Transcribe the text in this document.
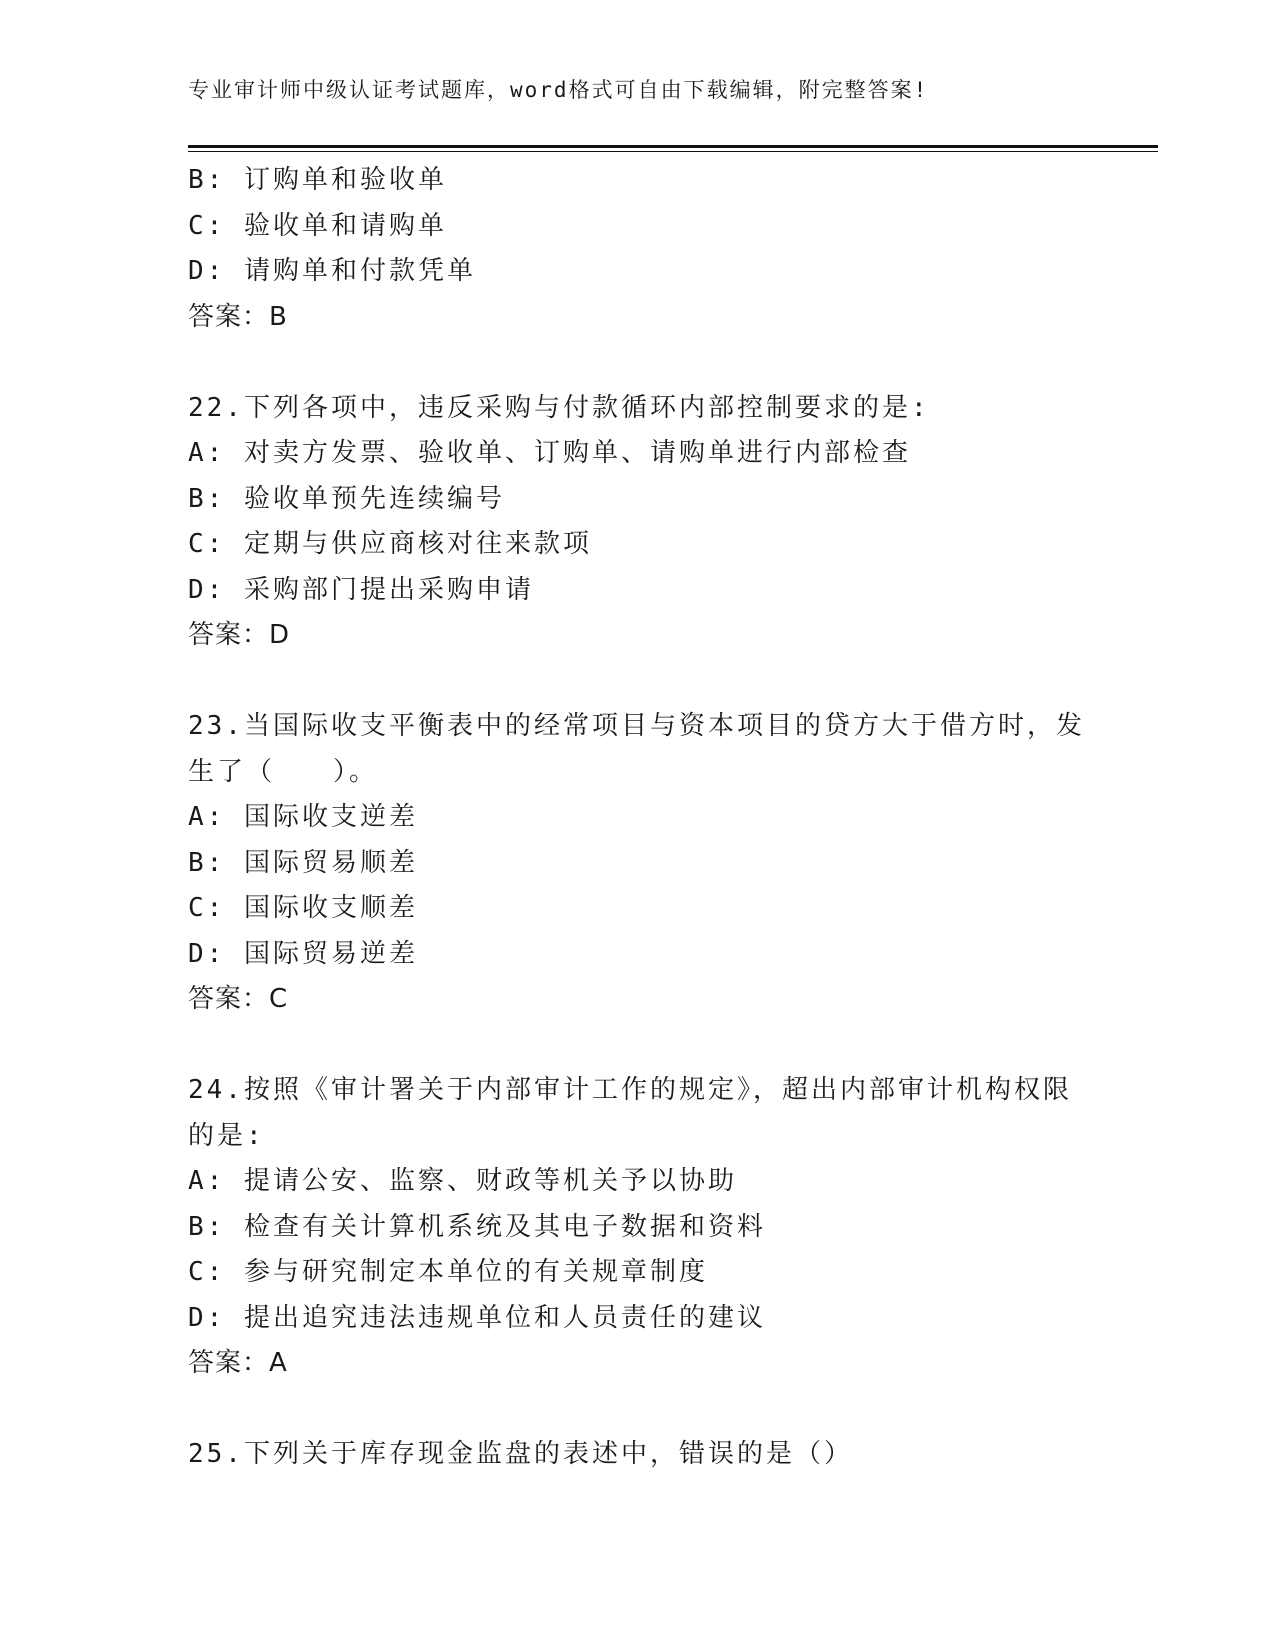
专业审计师中级认证考试题库，word格式可自由下载编辑，附完整答案!

B: 订购单和验收单

C: 验收单和请购单

D: 请购单和付款凭单

答案：B

22.下列各项中，违反采购与付款循环内部控制要求的是:

A: 对卖方发票、验收单、订购单、请购单进行内部检查

B: 验收单预先连续编号

C: 定期与供应商核对往来款项

D: 采购部门提出采购申请

答案：D

23.当国际收支平衡表中的经常项目与资本项目的贷方大于借方时，发

生了（　　）。

A: 国际收支逆差

B: 国际贸易顺差

C: 国际收支顺差

D: 国际贸易逆差

答案：C

24.按照《审计署关于内部审计工作的规定》，超出内部审计机构权限

的是:

A: 提请公安、监察、财政等机关予以协助

B: 检查有关计算机系统及其电子数据和资料

C: 参与研究制定本单位的有关规章制度

D: 提出追究违法违规单位和人员责任的建议

答案：A

25.下列关于库存现金监盘的表述中，错误的是（）
